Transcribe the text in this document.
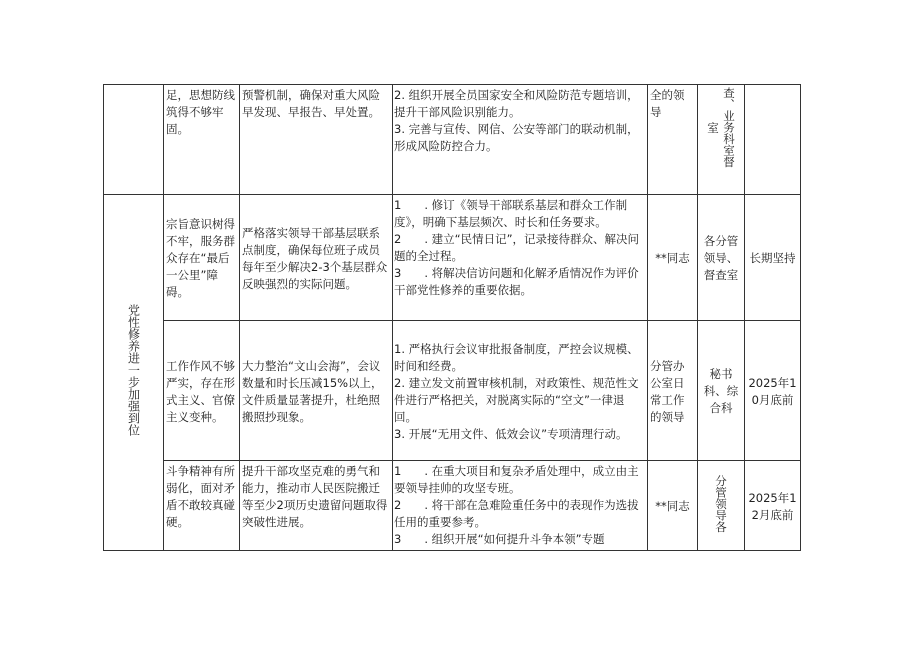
	足，思想防线筑得不够牢固。	预警机制，确保对重大风险早发现、早报告、早处置。	2. 组织开展全员国家安全和风险防范专题培训，提升干部风险识别能力。
3. 完善与宣传、网信、公安等部门的联动机制，形成风险防控合力。	全的领导	室 查、业务科室督	

党性修养进一步加强到位	宗旨意识树得不牢，服务群众存在“最后一公里”障碍。	严格落实领导干部基层联系点制度，确保每位班子成员每年至少解决2-3个基层群众反映强烈的实际问题。	1　　. 修订《领导干部联系基层和群众工作制度》，明确下基层频次、时长和任务要求。
2　　. 建立“民情日记”，记录接待群众、解决问题的全过程。
3　　. 将解决信访问题和化解矛盾情况作为评价干部党性修养的重要依据。	**同志	各分管领导、督查室	长期坚持
	工作作风不够严实，存在形式主义、官僚主义变种。	大力整治“文山会海”，会议数量和时长压减15%以上，文件质量显著提升，杜绝照搬照抄现象。	1. 严格执行会议审批报备制度，严控会议规模、时间和经费。
2. 建立发文前置审核机制，对政策性、规范性文件进行严格把关，对脱离实际的“空文”一律退回。
3. 开展“无用文件、低效会议”专项清理行动。	分管办公室日常工作的领导	秘书科、综合科	2025年10月底前
	斗争精神有所弱化，面对矛盾不敢较真碰硬。	提升干部攻坚克难的勇气和能力，推动市人民医院搬迁等至少2项历史遗留问题取得突破性进展。	1　　. 在重大项目和复杂矛盾处理中，成立由主要领导挂帅的攻坚专班。
2　　. 将干部在急难险重任务中的表现作为选拔任用的重要参考。
3　　. 组织开展“如何提升斗争本领”专题	**同志	分管领导各	2025年12月底前
